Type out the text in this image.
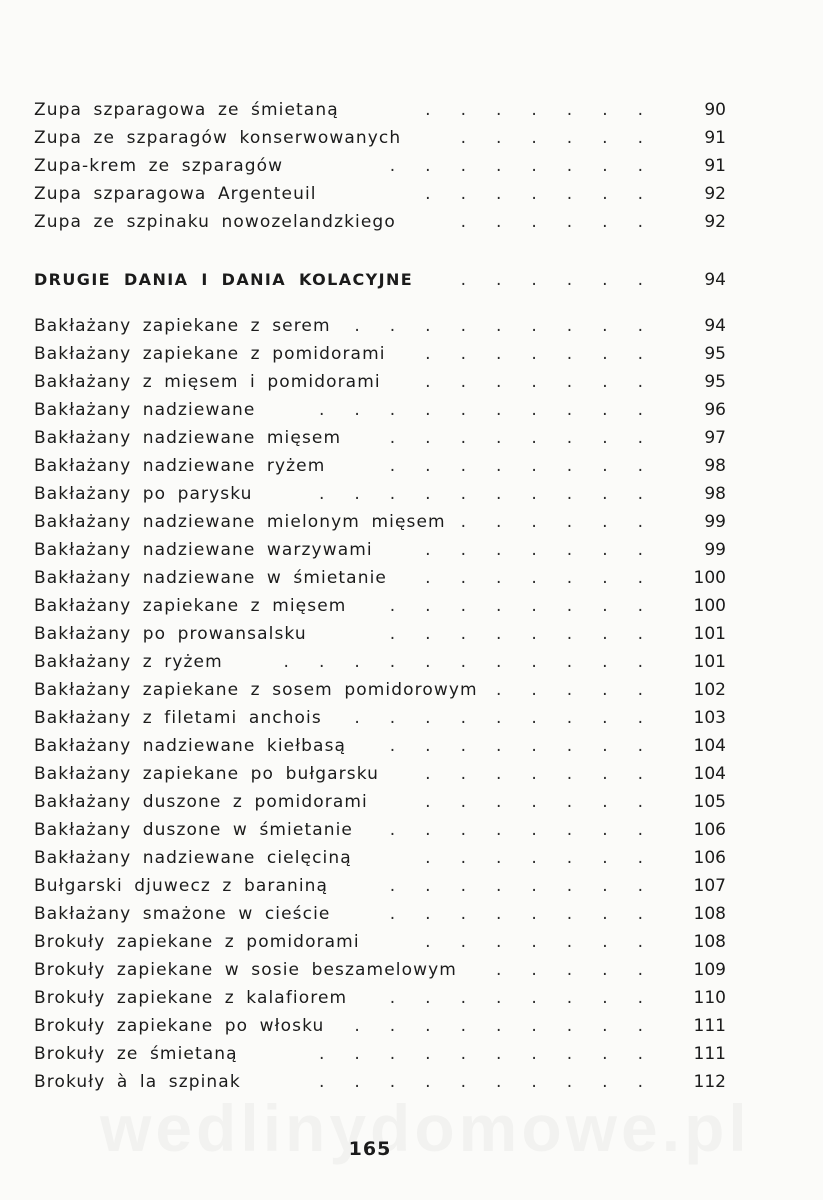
Zupa szparagowa ze śmietaną	....... 90
Zupa ze szparagów konserwowanych	...... 91
Zupa-krem ze szparagów	........ 91
Zupa szparagowa Argenteuil	....... 92
Zupa ze szpinaku nowozelandzkiego	...... 92
DRUGIE DANIA I DANIA KOLACYJNE	...... 94
Bakłażany zapiekane z serem ......... 94
Bakłażany zapiekane z pomidorami ....... 95
Bakłażany z mięsem i pomidorami	....... 95
Bakłażany nadziewane	.......... 96
Bakłażany nadziewane mięsem	........ 97
Bakłażany nadziewane ryżem	........ 98
Bakłażany po parysku	.......... 98
Bakłażany nadziewane mielonym mięsem ...... 99
Bakłażany nadziewane warzywami	....... 99
Bakłażany nadziewane w śmietanie ....... 100
Bakłażany zapiekane z mięsem	........ 100
Bakłażany po prowansalsku	........ 101
Bakłażany z ryżem	........... 101
Bakłażany zapiekane z sosem pomidorowym ..... 102
Bakłażany z filetami anchois ......... 103
Bakłażany nadziewane kiełbasą	........ 104
Bakłażany zapiekane po bułgarsku	....... 104
Bakłażany duszone z pomidorami	....... 105
Bakłażany duszone w śmietanie ........ 106
Bakłażany nadziewane cielęciną	....... 106
Bułgarski djuwecz z baraniną	........ 107
Bakłażany smażone w cieście	........ 108
Brokuły zapiekane z pomidorami	....... 108
Brokuły zapiekane w sosie beszamelowym ..... 109
Brokuły zapiekane z kalafiorem	........ 110
Brokuły zapiekane po włosku ......... 111
Brokuły ze śmietaną	.......... 111
Brokuły à la szpinak	.......... 112
165
